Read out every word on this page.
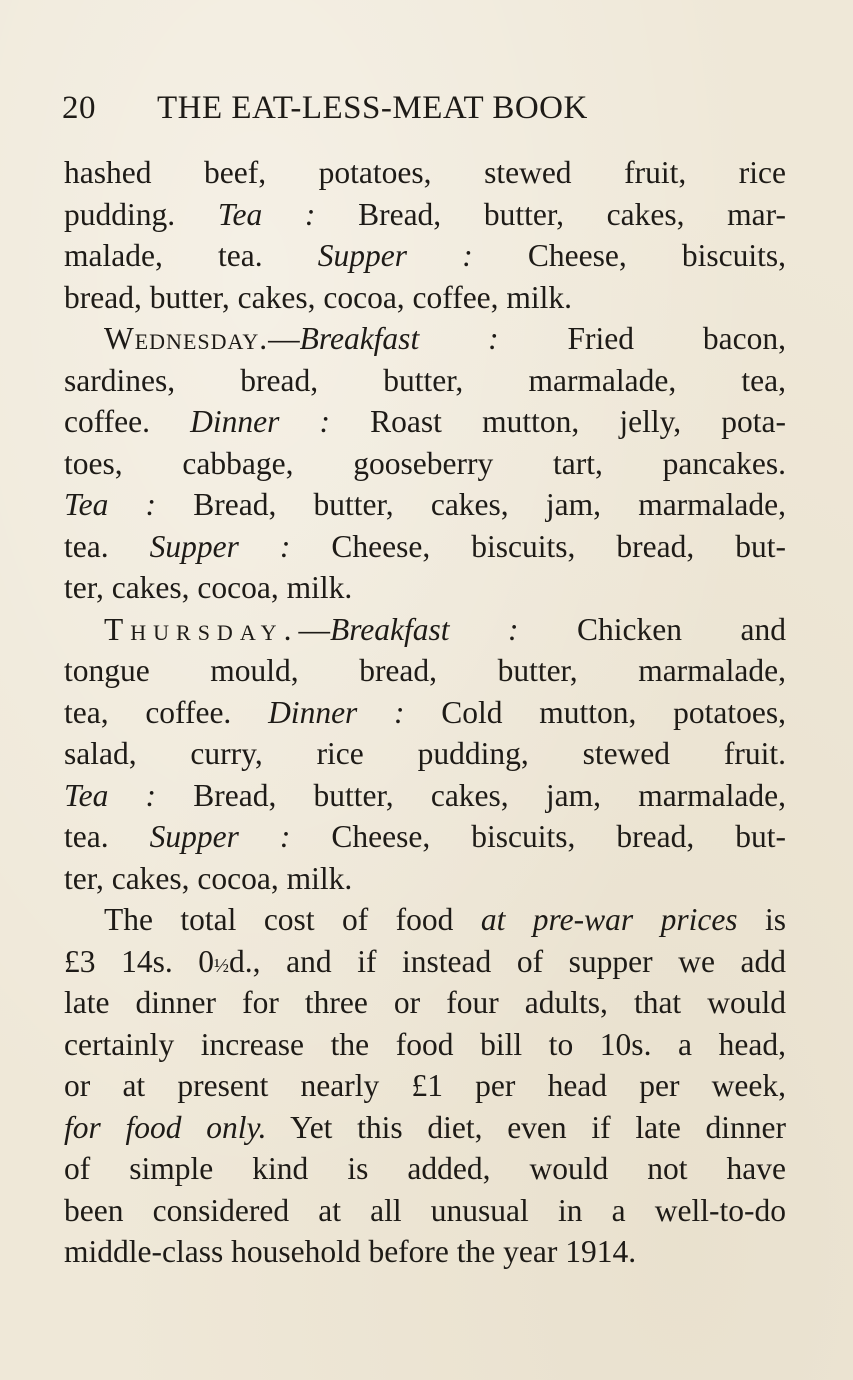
20 THE EAT-LESS-MEAT BOOK

hashed beef, potatoes, stewed fruit, rice

pudding. Tea : Bread, butter, cakes, mar-

malade, tea. Supper : Cheese, biscuits,

bread, butter, cakes, cocoa, coffee, milk.

Wednesday.—Breakfast : Fried bacon,

sardines, bread, butter, marmalade, tea,

coffee. Dinner : Roast mutton, jelly, pota-

toes, cabbage, gooseberry tart, pancakes.

Tea : Bread, butter, cakes, jam, marmalade,

tea. Supper : Cheese, biscuits, bread, but-

ter, cakes, cocoa, milk.

Thursday.—Breakfast : Chicken and

tongue mould, bread, butter, marmalade,

tea, coffee. Dinner : Cold mutton, potatoes,

salad, curry, rice pudding, stewed fruit.

Tea : Bread, butter, cakes, jam, marmalade,

tea. Supper : Cheese, biscuits, bread, but-

ter, cakes, cocoa, milk.

The total cost of food at pre-war prices is

£3 14s. 0½d., and if instead of supper we add

late dinner for three or four adults, that would

certainly increase the food bill to 10s. a head,

or at present nearly £1 per head per week,

for food only. Yet this diet, even if late dinner

of simple kind is added, would not have

been considered at all unusual in a well-to-do

middle-class household before the year 1914.
